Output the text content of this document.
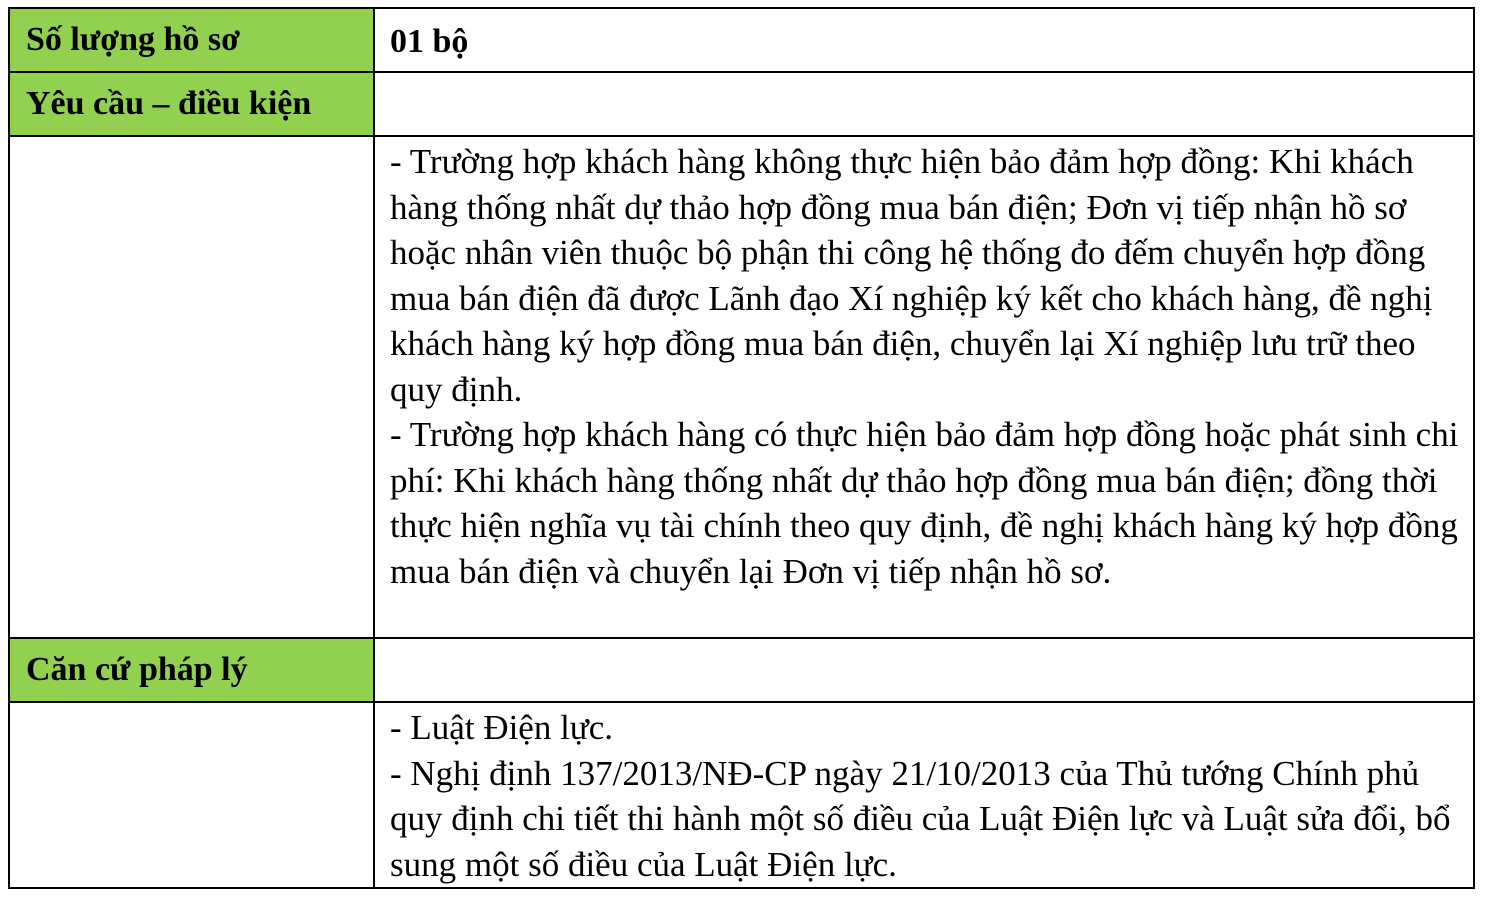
Số lượng hồ sơ	01 bộ
Yêu cầu – điều kiện	

	- Trường hợp khách hàng không thực hiện bảo đảm hợp đồng: Khi khách hàng thống nhất dự thảo hợp đồng mua bán điện; Đơn vị tiếp nhận hồ sơ hoặc nhân viên thuộc bộ phận thi công hệ thống đo đếm chuyển hợp đồng mua bán điện đã được Lãnh đạo Xí nghiệp ký kết cho khách hàng, đề nghị khách hàng ký hợp đồng mua bán điện, chuyển lại Xí nghiệp lưu trữ theo quy định.

- Trường hợp khách hàng có thực hiện bảo đảm hợp đồng hoặc phát sinh chi phí: Khi khách hàng thống nhất dự thảo hợp đồng mua bán điện; đồng thời thực hiện nghĩa vụ tài chính theo quy định, đề nghị khách hàng ký hợp đồng mua bán điện và chuyển lại Đơn vị tiếp nhận hồ sơ.

Căn cứ pháp lý	

	- Luật Điện lực.

- Nghị định 137/2013/NĐ-CP ngày 21/10/2013 của Thủ tướng Chính phủ quy định chi tiết thi hành một số điều của Luật Điện lực và Luật sửa đổi, bổ sung một số điều của Luật Điện lực.
